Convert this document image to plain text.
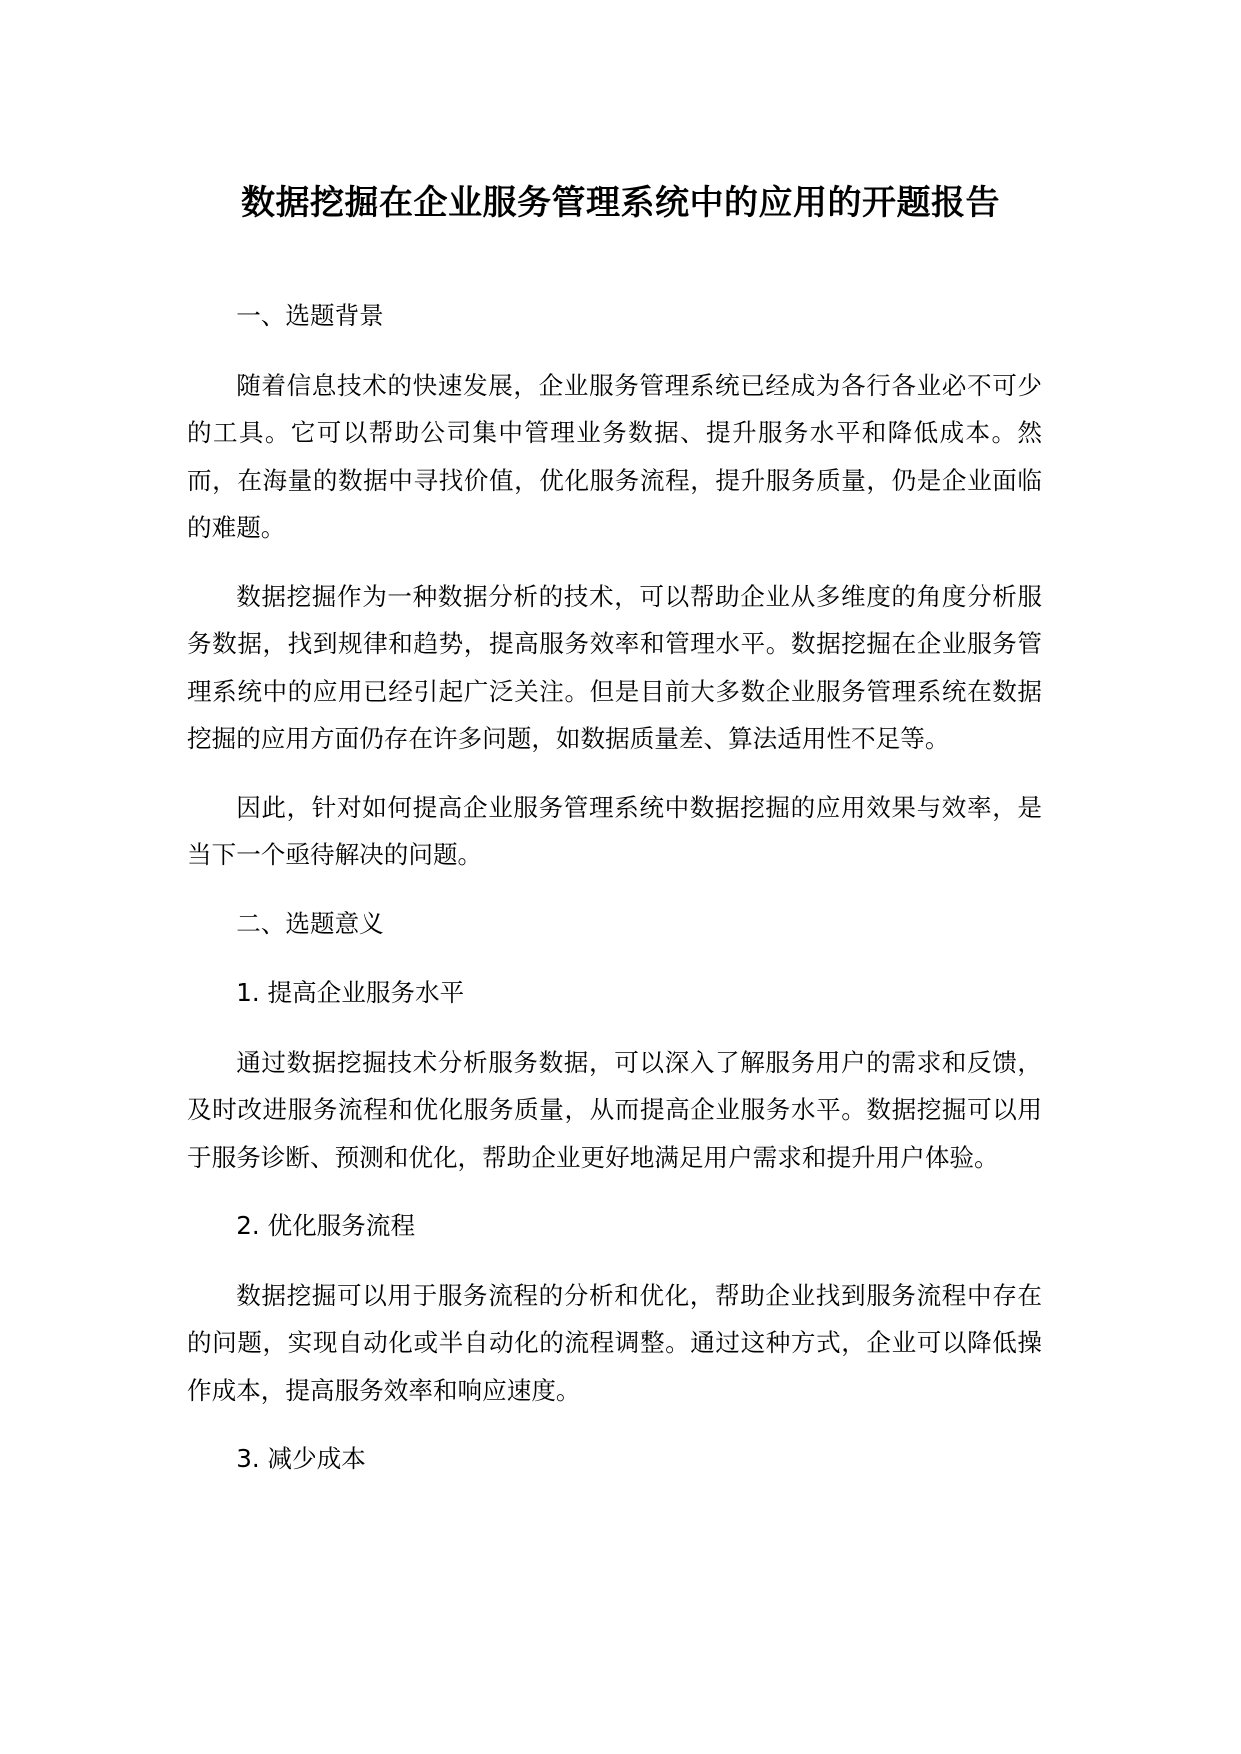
数据挖掘在企业服务管理系统中的应用的开题报告
一、选题背景
随着信息技术的快速发展，企业服务管理系统已经成为各行各业必不可少的工具。它可以帮助公司集中管理业务数据、提升服务水平和降低成本。然而，在海量的数据中寻找价值，优化服务流程，提升服务质量，仍是企业面临的难题。
数据挖掘作为一种数据分析的技术，可以帮助企业从多维度的角度分析服务数据，找到规律和趋势，提高服务效率和管理水平。数据挖掘在企业服务管理系统中的应用已经引起广泛关注。但是目前大多数企业服务管理系统在数据挖掘的应用方面仍存在许多问题，如数据质量差、算法适用性不足等。
因此，针对如何提高企业服务管理系统中数据挖掘的应用效果与效率，是当下一个亟待解决的问题。
二、选题意义
1. 提高企业服务水平
通过数据挖掘技术分析服务数据，可以深入了解服务用户的需求和反馈，及时改进服务流程和优化服务质量，从而提高企业服务水平。数据挖掘可以用于服务诊断、预测和优化，帮助企业更好地满足用户需求和提升用户体验。
2. 优化服务流程
数据挖掘可以用于服务流程的分析和优化，帮助企业找到服务流程中存在的问题，实现自动化或半自动化的流程调整。通过这种方式，企业可以降低操作成本，提高服务效率和响应速度。
3. 减少成本
